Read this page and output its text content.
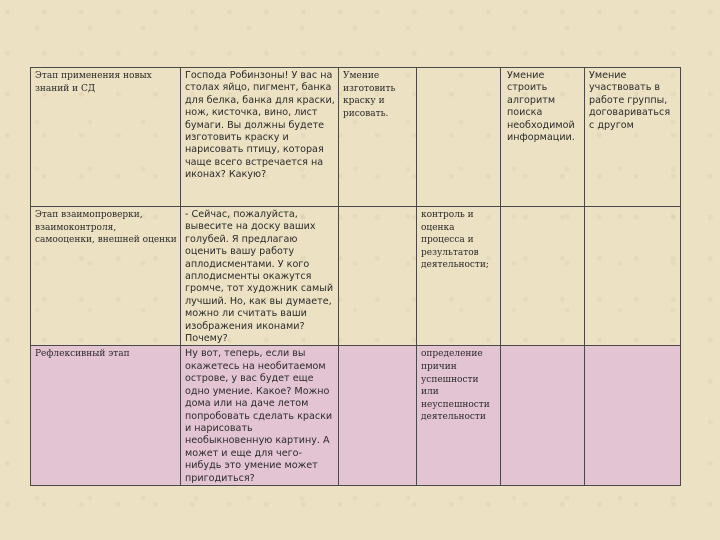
Этап применения новых знаний и СД	Господа Робинзоны! У вас на столах яйцо, пигмент, банка для белка, банка для краски, нож, кисточка, вино, лист бумаги. Вы должны будете изготовить краску и нарисовать птицу, которая чаще всего встречается на иконах? Какую?	Умение изготовить краску и рисовать.		Умение строить алгоритм поиска необходимой информации.	Умение участвовать в работе группы, договариваться с другом
Этап взаимопроверки, взаимоконтроля, самооценки, внешней оценки	- Сейчас, пожалуйста, вывесите на доску ваших голубей. Я предлагаю оценить вашу работу аплодисментами. У кого аплодисменты окажутся громче, тот художник самый лучший. Но, как вы думаете, можно ли считать ваши изображения иконами? Почему?		контроль и оценка процесса и результатов деятельности;		
Рефлексивный этап	Ну вот, теперь, если вы окажетесь на необитаемом острове, у вас будет еще одно умение. Какое? Можно дома или на даче летом попробовать сделать краски и нарисовать необыкновенную картину. А может и еще для чего-нибудь это умение может пригодиться?		определение причин успешности или неуспешности деятельности		
